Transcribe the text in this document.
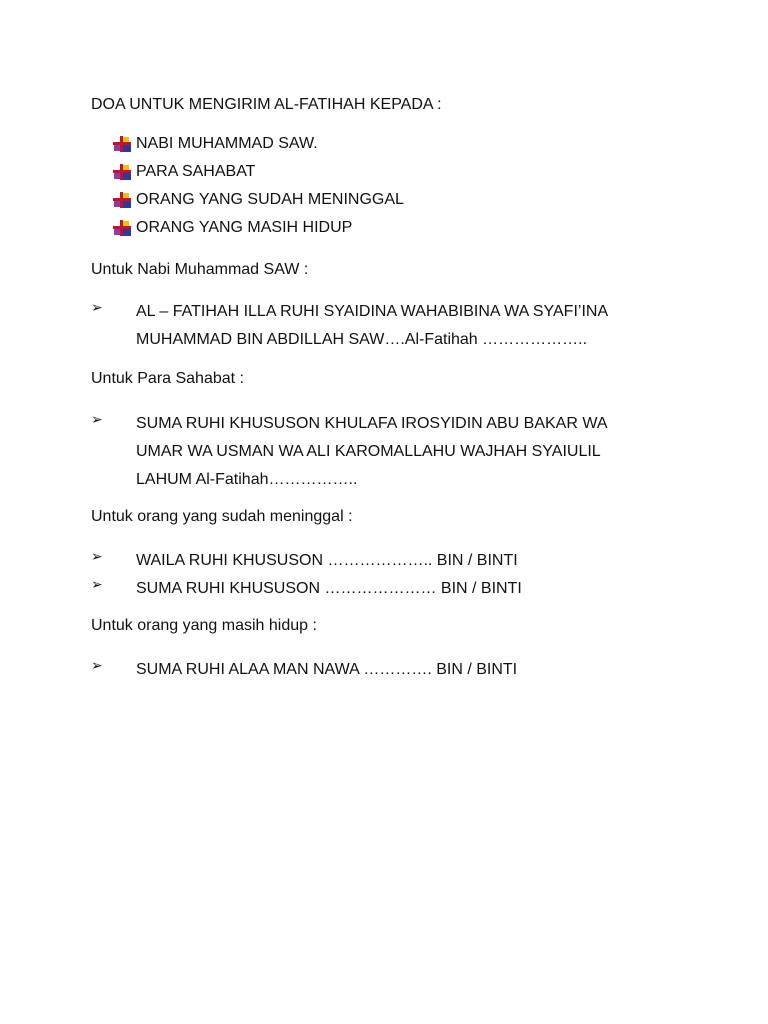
DOA UNTUK MENGIRIM AL-FATIHAH KEPADA :
NABI MUHAMMAD SAW.
PARA SAHABAT
ORANG YANG SUDAH MENINGGAL
ORANG YANG MASIH HIDUP
Untuk Nabi Muhammad SAW :
➢	AL – FATIHAH ILLA RUHI SYAIDINA WAHABIBINA WA SYAFI’INA
MUHAMMAD BIN ABDILLAH SAW….Al-Fatihah ………………..
Untuk Para Sahabat :
➢	SUMA RUHI KHUSUSON KHULAFA IROSYIDIN ABU BAKAR WA
UMAR WA USMAN WA ALI KAROMALLAHU WAJHAH SYAIULIL
LAHUM Al-Fatihah……………..
Untuk orang yang sudah meninggal :
➢	WAILA RUHI KHUSUSON ……………….. BIN / BINTI
➢	SUMA RUHI KHUSUSON ………………… BIN / BINTI
Untuk orang yang masih hidup :
➢	SUMA RUHI ALAA MAN NAWA …………. BIN / BINTI
